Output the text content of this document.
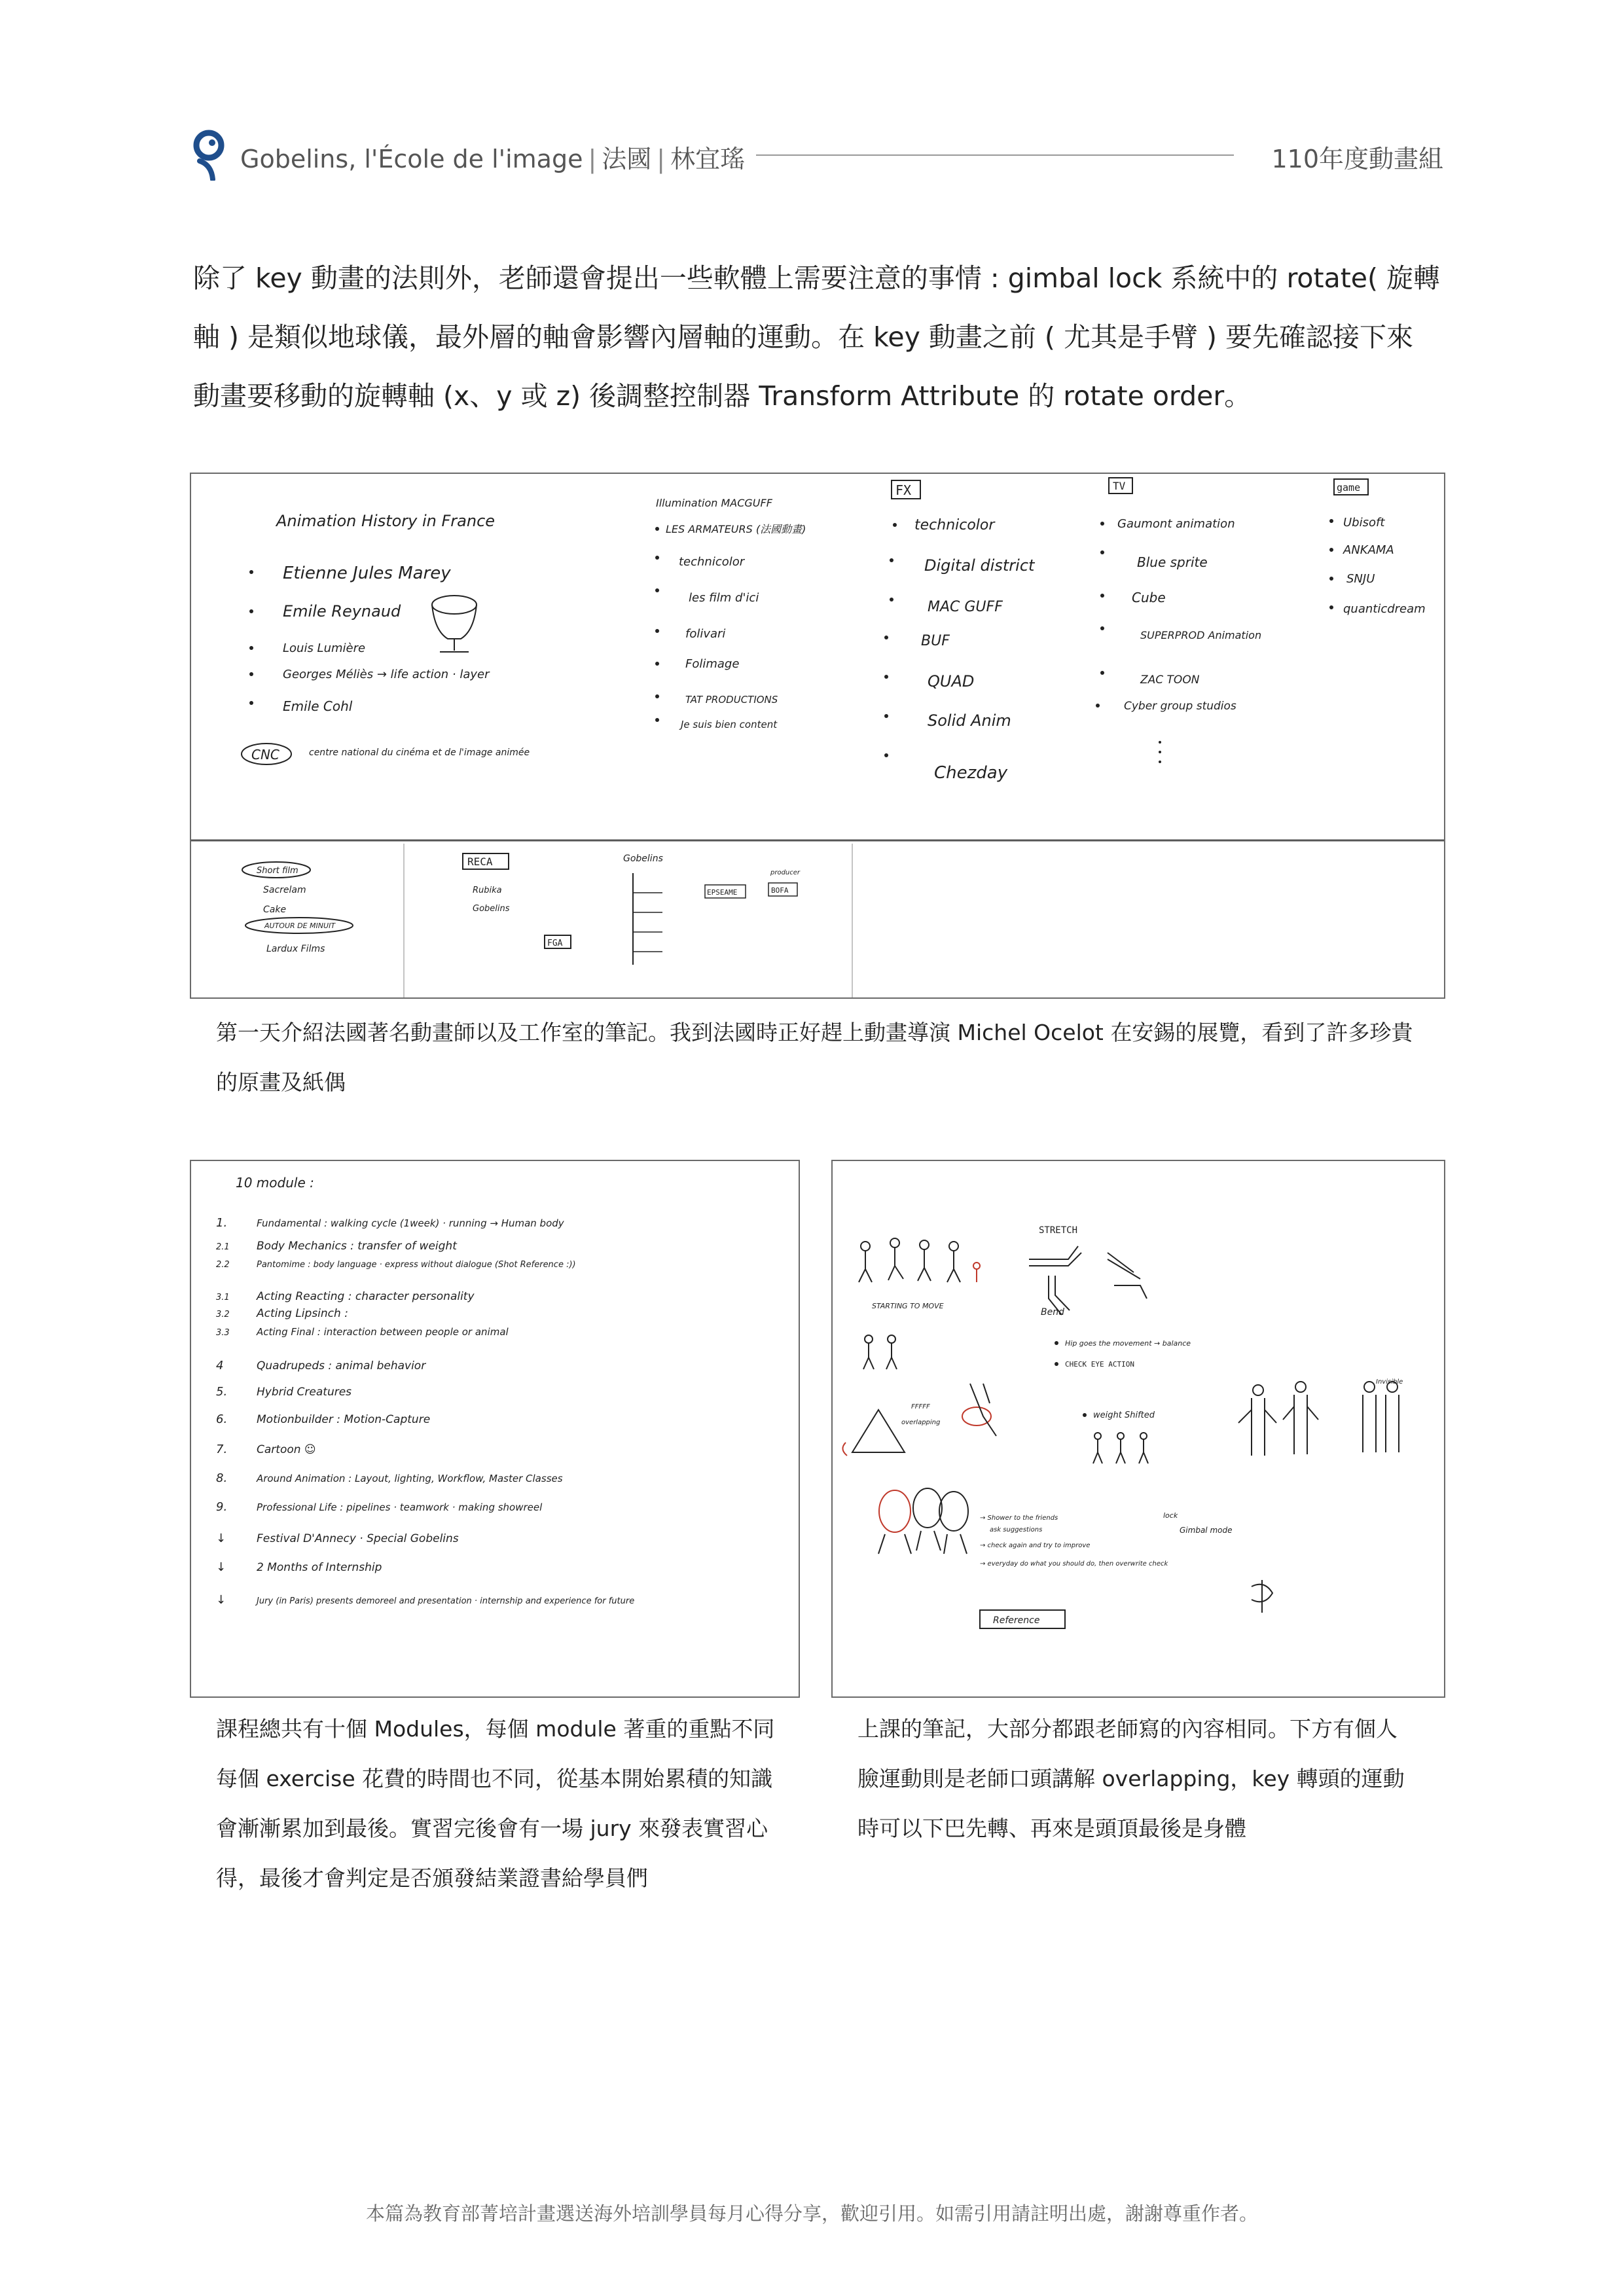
Gobelins, l'École de l'image | 法國 | 林宜瑤	110年度動畫組
除了 key 動畫的法則外，老師還會提出一些軟體上需要注意的事情 : gimbal lock 系統中的 rotate( 旋轉
軸 ) 是類似地球儀，最外層的軸會影響內層軸的運動。在 key 動畫之前 ( 尤其是手臂 ) 要先確認接下來
動畫要移動的旋轉軸 (x、y 或 z) 後調整控制器 Transform Attribute 的 rotate order。
Animation History in France
Etienne Jules Marey
Emile Reynaud
Louis Lumière
Georges Méliès → life action · layer
Emile Cohl
CNC	centre national du cinéma et de l'image animée
Illumination MACGUFF
LES ARMATEURS (法國動畫)
technicolor
les film d'ici
folivari
Folimage
TAT PRODUCTIONS
Je suis bien content
FX
technicolor
Digital district
MAC GUFF
BUF
QUAD
Solid Anim
Chezday
TV
Gaumont animation
Blue sprite
Cube
SUPERPROD Animation
ZAC TOON
Cyber group studios
game
Ubisoft
ANKAMA
SNJU
quanticdream
Short film
Sacrelam
Cake
AUTOUR DE MINUIT
Lardux Films
RECA
Rubika
Gobelins
FGA
Gobelins
EPSEAME	BOFA
producer
第一天介紹法國著名動畫師以及工作室的筆記。我到法國時正好趕上動畫導演 Michel Ocelot 在安錫的展覽，看到了許多珍貴
的原畫及紙偶
10 module :
1.	Fundamental : walking cycle (1week) · running → Human body
2.1 Body Mechanics : transfer of weight
2.2	Pantomime : body language · express without dialogue (Shot Reference :))
3.1 Acting Reacting : character personality
3.2 Acting Lipsinch :
3.3	Acting Final : interaction between people or animal
4	Quadrupeds : animal behavior
5.	Hybrid Creatures
6.	Motionbuilder : Motion-Capture
7.	Cartoon ☺
8.	Around Animation : Layout, lighting, Workflow, Master Classes
9.	Professional Life : pipelines · teamwork · making showreel
↓	Festival D'Annecy · Special Gobelins
↓	2 Months of Internship
↓	Jury (in Paris) presents demoreel and presentation · internship and experience for future
STARTING TO MOVE
STRETCH
Bend
Hip goes the movement → balance
CHECK EYE ACTION
FFFFF
weight Shifted
→ Shower to the friends
ask suggestions
→ check again and try to improve
→ everyday do what you should do, then overwrite check
Gimbal mode
Reference
Invisible
lock
overlapping
課程總共有十個 Modules，每個 module 著重的重點不同
每個 exercise 花費的時間也不同，從基本開始累積的知識
會漸漸累加到最後。實習完後會有一場 jury 來發表實習心
得，最後才會判定是否頒發結業證書給學員們
上課的筆記，大部分都跟老師寫的內容相同。下方有個人
臉運動則是老師口頭講解 overlapping，key 轉頭的運動
時可以下巴先轉、再來是頭頂最後是身體
本篇為教育部菁培計畫選送海外培訓學員每月心得分享，歡迎引用。如需引用請註明出處，謝謝尊重作者。
